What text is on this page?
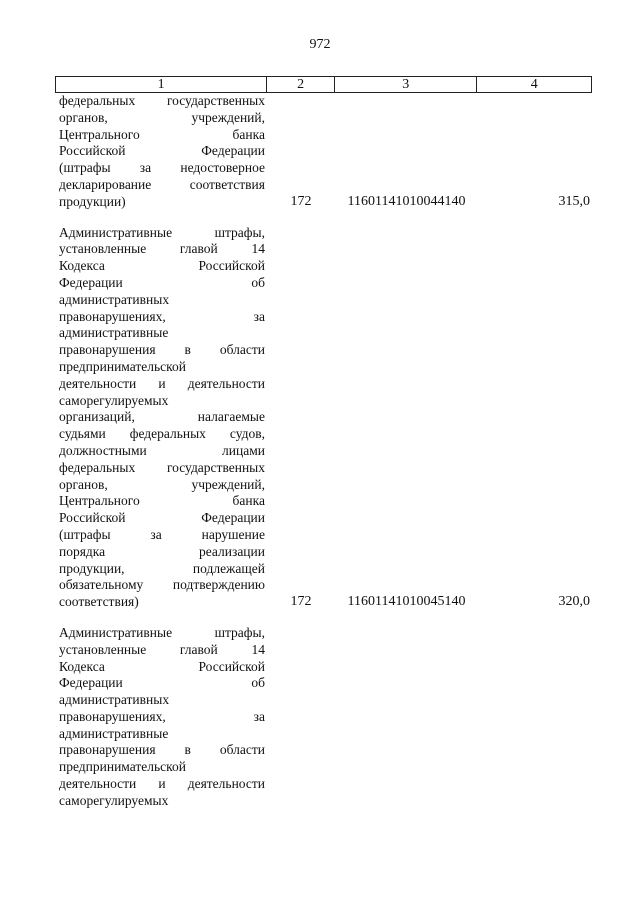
972
1	2	3	4
федеральных государственных
органов, учреждений,
Центрального банка
Российской Федерации
(штрафы за недостоверное
декларирование соответствия
продукции)	172	11601141010044140	315,0
Административные штрафы,
установленные главой 14
Кодекса Российской
Федерации об
административных
правонарушениях, за
административные
правонарушения в области
предпринимательской
деятельности и деятельности
саморегулируемых
организаций, налагаемые
судьями федеральных судов,
должностными лицами
федеральных государственных
органов, учреждений,
Центрального банка
Российской Федерации
(штрафы за нарушение
порядка реализации
продукции, подлежащей
обязательному подтверждению
соответствия)	172	11601141010045140	320,0
Административные штрафы,
установленные главой 14
Кодекса Российской
Федерации об
административных
правонарушениях, за
административные
правонарушения в области
предпринимательской
деятельности и деятельности
саморегулируемых
